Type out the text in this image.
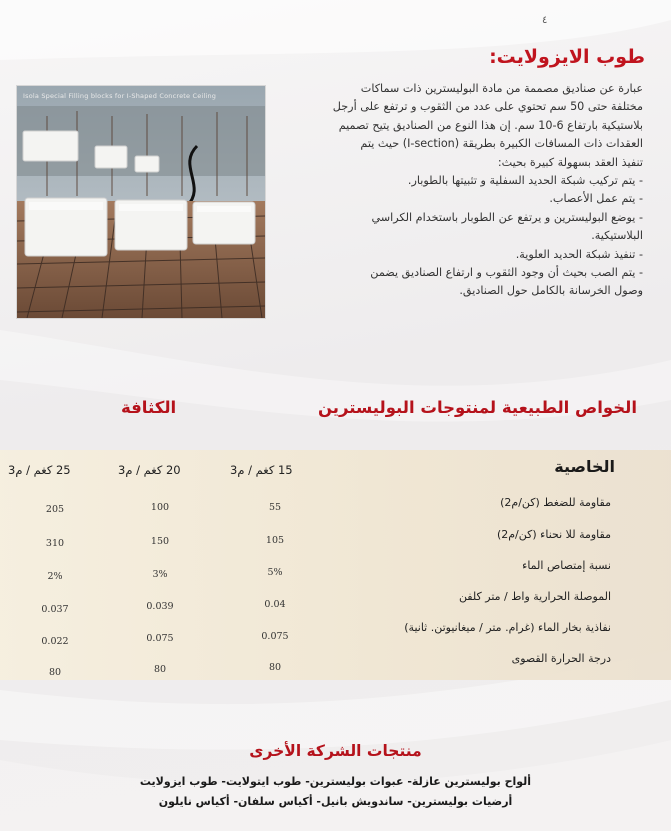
٤
طوب الايزولايت:

عبارة عن صناديق مصممة من مادة البوليسترين ذات سماكات

مختلفة حتى 50 سم تحتوي على عدد من الثقوب و ترتفع على أرجل

بلاستيكية بارتفاع 6-10 سم. إن هذا النوع من الصناديق يتيح تصميم

العقدات ذات المسافات الكبيرة بطريقة (I-section) حيث يتم

تنفيذ العقد بسهولة كبيرة بحيث:

- يتم تركيب شبكة الحديد السفلية و تثبيتها بالطوبار.

- يتم عمل الأعصاب.

- يوضع البوليسترين و يرتفع عن الطوبار باستخدام الكراسي

البلاستيكية.

- تنفيذ شبكة الحديد العلوية.

- يتم الصب بحيث أن وجود الثقوب و ارتفاع الصناديق يضمن

وصول الخرسانة بالكامل حول الصناديق.

Isola Special Filling blocks for I-Shaped Concrete Ceiling
الخواص الطبيعية لمنتوجات البوليسترين
الكثافة
الخاصية
15 كغم / م3
20 كغم / م3
25 كغم / م3
مقاومة للضغط (كن/م2)
55
100
205
مقاومة للا نحناء (كن/م2)
105
150
310
نسبة إمتصاص الماء
5%
3%
2%
الموصلة الحرارية واط / متر كلفن
0.04
0.039
0.037
نفاذية بخار الماء (غرام. متر / ميغانيوتن. ثانية)
0.075
0.075
0.022
درجة الحرارة القصوى
80
80
80
منتجات الشركة الأخرى
ألواح بوليسترين عازلة- عبوات بوليسترين- طوب ايتولايت- طوب ايزولايت
أرضيات بوليسترين- ساندويش بانيل- أكياس سلفان- أكياس نايلون
